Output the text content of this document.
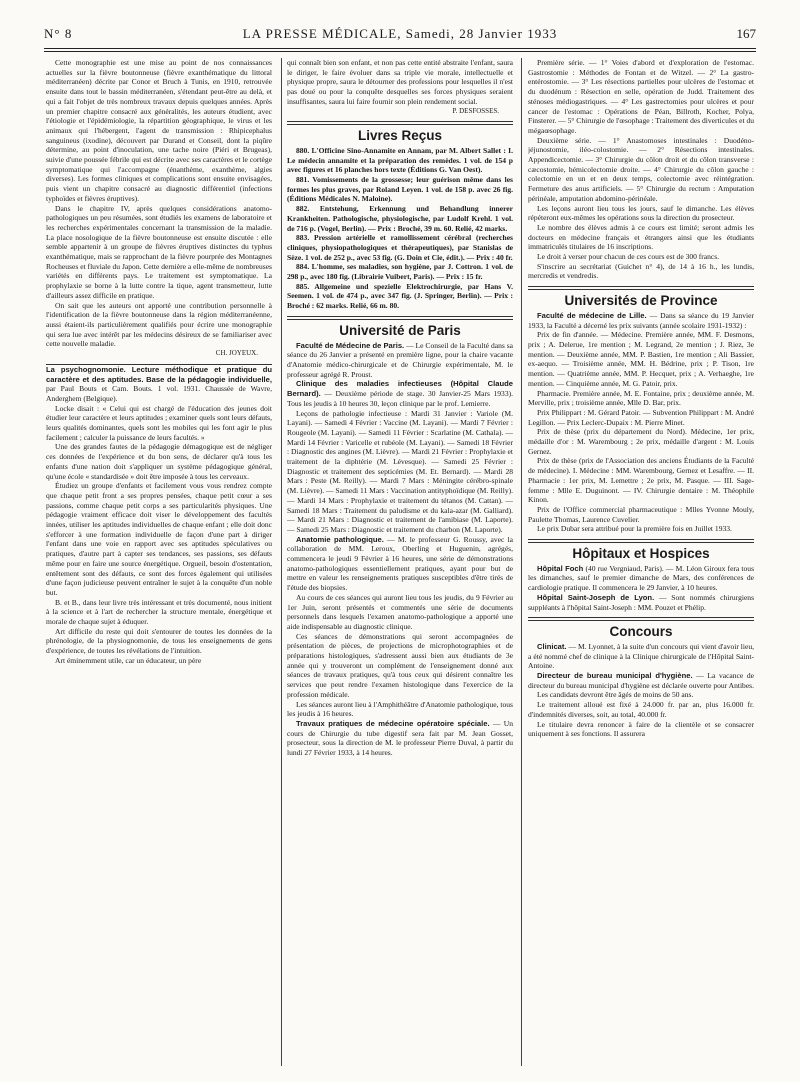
N° 8	LA PRESSE MÉDICALE, Samedi, 28 Janvier 1933	167

Cette monographie est une mise au point de nos connaissances actuelles sur la fièvre boutonneuse (fièvre exanthématique du littoral méditerranéen) décrite par Conor et Bruch à Tunis, en 1910, retrouvée ensuite dans tout le bassin méditerranéen, s'étendant peut-être au delà, et qui a fait l'objet de très nombreux travaux depuis quelques années. Après un premier chapitre consacré aux généralités, les auteurs étudient, avec l'étiologie et l'épidémiologie, la répartition géographique, le virus et les animaux qui l'hébergent, l'agent de transmission : Rhipicephalus sanguineus (ixodine), découvert par Durand et Conseil, dont la piqûre détermine, au point d'inoculation, une tache noire (Piéri et Brugeas), suivie d'une poussée fébrile qui est décrite avec ses caractères et le cortège symptomatique qui l'accompagne (énanthème, exanthème, algies diverses). Les formes cliniques et complications sont ensuite envisagées, puis vient un chapitre consacré au diagnostic différentiel (infections typhoïdes et fièvres éruptives).

Dans le chapitre IV, après quelques considérations anatomo-pathologiques un peu résumées, sont étudiés les examens de laboratoire et les recherches expérimentales concernant la transmission de la maladie. La place nosologique de la fièvre boutonneuse est ensuite discutée : elle semble appartenir à un groupe de fièvres éruptives distinctes du typhus exanthématique, mais se rapprochant de la fièvre pourprée des Montagnes Rocheuses et fluviale du Japon. Cette dernière a elle-même de nombreuses variétés en différents pays. Le traitement est symptomatique. La prophylaxie se borne à la lutte contre la tique, agent transmetteur, lutte d'ailleurs assez difficile en pratique.

On sait que les auteurs ont apporté une contribution personnelle à l'identification de la fièvre boutonneuse dans la région méditerranéenne, aussi étaient-ils particulièrement qualifiés pour écrire une monographie qui sera lue avec intérêt par les médecins désireux de se familiariser avec cette nouvelle maladie.

CH. JOYEUX.

La psychognomonie. Lecture méthodique et pratique du caractère et des aptitudes. Base de la pédagogie individuelle, par Paul Bouts et Cam. Bouts. 1 vol. 1931. Chaussée de Wavre, Anderghem (Belgique).

Locke disait : « Celui qui est chargé de l'éducation des jeunes doit étudier leur caractère et leurs aptitudes ; examiner quels sont leurs défauts, leurs qualités dominantes, quels sont les mobiles qui les font agir le plus facilement ; calculer la puissance de leurs facultés. »

Une des grandes fautes de la pédagogie démagogique est de négliger ces données de l'expérience et du bon sens, de déclarer qu'à tous les enfants d'une nation doit s'appliquer un système pédagogique général, qu'une école « standardisée » doit être imposée à tous les cerveaux.

Étudiez un groupe d'enfants et facilement vous vous rendrez compte que chaque petit front a ses propres pensées, chaque petit cœur a ses passions, comme chaque petit corps a ses particularités physiques. Une pédagogie vraiment efficace doit viser le développement des facultés innées, utiliser les aptitudes individuelles de chaque enfant ; elle doit donc s'efforcer à une formation individuelle de façon d'une part à diriger l'enfant dans une voie en rapport avec ses aptitudes spéculatives ou pratiques, d'autre part à capter ses tendances, ses passions, ses défauts même pour en faire une source énergétique. Orgueil, besoin d'ostentation, entêtement sont des défauts, ce sont des forces également qui utilisées d'une façon judicieuse peuvent entraîner le sujet à la conquête d'un noble but.

B. et B., dans leur livre très intéressant et très documenté, nous initient à la science et à l'art de rechercher la structure mentale, énergétique et morale de chaque sujet à éduquer.

Art difficile du reste qui doit s'entourer de toutes les données de la phrénologie, de la physiognomonie, de tous les enseignements de gens d'expérience, de toutes les révélations de l'intuition.

Art éminemment utile, car un éducateur, un père

qui connaît bien son enfant, et non pas cette entité abstraite l'enfant, saura le diriger, le faire évoluer dans sa triple vie morale, intellectuelle et physique propre, saura le détourner des professions pour lesquelles il n'est pas doué ou pour la conquête desquelles ses forces physiques seraient insuffisantes, saura lui faire fournir son plein rendement social.

P. DESFOSSES.
Livres Reçus

880. L'Officine Sino-Annamite en Annam, par M. Albert Sallet : I. Le médecin annamite et la préparation des remèdes. 1 vol. de 154 p avec figures et 16 planches hors texte (Éditions G. Van Oest).

881. Vomissements de la grossesse; leur guérison même dans les formes les plus graves, par Roland Leyen. 1 vol. de 158 p. avec 26 fig. (Éditions Médicales N. Maloine).

882. Entstehung, Erkennung und Behandlung innerer Krankheiten. Pathologische, physiologische, par Ludolf Krehl. 1 vol. de 716 p. (Vogel, Berlin). — Prix : Broché, 39 m. 60. Relié, 42 marks.

883. Pression artérielle et ramollissement cérébral (recherches cliniques, physiopathologiques et thérapeutiques), par Stanislas de Sèze. 1 vol. de 252 p., avec 53 fig. (G. Doin et Cie, édit.). — Prix : 40 fr.

884. L'homme, ses maladies, son hygiène, par J. Cottron. 1 vol. de 298 p., avec 180 fig. (Librairie Vuibert, Paris). — Prix : 15 fr.

885. Allgemeine und spezielle Elektrochirurgie, par Hans V. Seemen. 1 vol. de 474 p., avec 347 fig. (J. Springer, Berlin). — Prix : Broché : 62 marks. Relié, 66 m. 80.

Université de Paris

Faculté de Médecine de Paris. — Le Conseil de la Faculté dans sa séance du 26 Janvier a présenté en première ligne, pour la chaire vacante d'Anatomie médico-chirurgicale et de Chirurgie expérimentale, M. le professeur agrégé R. Proust.

Clinique des maladies infectieuses (Hôpital Claude Bernard). — Deuxième période de stage. 30 Janvier-25 Mars 1933). Tous les jeudis à 10 heures 30, leçon clinique par le prof. Lemierre.

Leçons de pathologie infectieuse : Mardi 31 Janvier : Variole (M. Layani). — Samedi 4 Février : Vaccine (M. Layani). — Mardi 7 Février : Rougeole (M. Layani). — Samedi 11 Février : Scarlatine (M. Cathala). — Mardi 14 Février : Varicelle et rubéole (M. Layani). — Samedi 18 Février : Diagnostic des angines (M. Lièvre). — Mardi 21 Février : Prophylaxie et traitement de la diphtérie (M. Lévesque). — Samedi 25 Février : Diagnostic et traitement des septicémies (M. Et. Bernard). — Mardi 28 Mars : Peste (M. Reilly). — Mardi 7 Mars : Méningite cérébro-spinale (M. Lièvre). — Samedi 11 Mars : Vaccination antityphoïdique (M. Reilly). — Mardi 14 Mars : Prophylaxie et traitement du tétanos (M. Cattan). — Samedi 18 Mars : Traitement du paludisme et du kala-azar (M. Galliard). — Mardi 21 Mars : Diagnostic et traitement de l'amibiase (M. Laporte). — Samedi 25 Mars : Diagnostic et traitement du charbon (M. Laporte).

Anatomie pathologique. — M. le professeur G. Roussy, avec la collaboration de MM. Leroux, Oberling et Huguenin, agrégés, commencera le jeudi 9 Février à 16 heures, une série de démonstrations anatomo-pathologiques essentiellement pratiques, ayant pour but de mettre en valeur les renseignements pratiques susceptibles d'être tirés de l'étude des biopsies.

Au cours de ces séances qui auront lieu tous les jeudis, du 9 Février au 1er Juin, seront présentés et commentés une série de documents personnels dans lesquels l'examen anatomo-pathologique a apporté une aide indispensable au diagnostic clinique.

Ces séances de démonstrations qui seront accompagnées de présentation de pièces, de projections de microphotographies et de préparations histologiques, s'adressent aussi bien aux étudiants de 3e année qui y trouveront un complément de l'enseignement donné aux séances de travaux pratiques, qu'à tous ceux qui désirent connaître les services que peut rendre l'examen histologique dans l'exercice de la profession médicale.

Les séances auront lieu à l'Amphithéâtre d'Anatomie pathologique, tous les jeudis à 16 heures.

Travaux pratiques de médecine opératoire spéciale. — Un cours de Chirurgie du tube digestif sera fait par M. Jean Gosset, prosecteur, sous la direction de M. le professeur Pierre Duval, à partir du lundi 27 Février 1933, à 14 heures.

Première série. — 1° Voies d'abord et d'exploration de l'estomac. Gastrostomie : Méthodes de Fontan et de Witzel. — 2° La gastro-entérostomie. — 3° Les résections partielles pour ulcères de l'estomac et du duodénum : Résection en selle, opération de Judd. Traitement des sténoses médiogastriques. — 4° Les gastrectomies pour ulcères et pour cancer de l'estomac : Opérations de Péan, Billroth, Kocher, Polya, Finsterer. — 5° Chirurgie de l'œsophage : Traitement des diverticules et du mégaœsophage.

Deuxième série. — 1° Anastomoses intestinales : Duodéno-jéjunostomie, iléo-colostomie. — 2° Résections intestinales. Appendicectomie. — 3° Chirurgie du côlon droit et du côlon transverse : cæcostomie, hémicolectomie droite. — 4° Chirurgie du côlon gauche : colectomie en un et en deux temps, colectomie avec réintégration. Fermeture des anus artificiels. — 5° Chirurgie du rectum : Amputation périnéale, amputation abdomino-périnéale.

Les leçons auront lieu tous les jours, sauf le dimanche. Les élèves répéteront eux-mêmes les opérations sous la direction du prosecteur.

Le nombre des élèves admis à ce cours est limité; seront admis les docteurs en médecine français et étrangers ainsi que les étudiants immatriculés titulaires de 16 inscriptions.

Le droit à verser pour chacun de ces cours est de 300 francs.

S'inscrire au secrétariat (Guichet n° 4), de 14 à 16 h., les lundis, mercredis et vendredis.

Universités de Province

Faculté de médecine de Lille. — Dans sa séance du 19 Janvier 1933, la Faculté a décerné les prix suivants (année scolaire 1931-1932) :

Prix de fin d'année. — Médecine. Première année, MM. F. Desmons, prix ; A. Delerue, 1re mention ; M. Legrand, 2e mention ; J. Riez, 3e mention. — Deuxième année, MM. P. Bastien, 1re mention ; Ali Bassier, ex-aequo. — Troisième année, MM. H. Bédrine, prix ; P. Tison, 1re mention. — Quatrième année, MM. P. Hecquet, prix ; A. Verhaeghe, 1re mention. — Cinquième année, M. G. Patoir, prix.

Pharmacie. Première année, M. E. Fontaine, prix ; deuxième année, M. Merville, prix ; troisième année, Mlle D. Bar, prix.

Prix Philippart : M. Gérard Patoir. — Subvention Philippart : M. André Legillon. — Prix Leclerc-Dupaix : M. Pierre Minet.

Prix de thèse (prix du département du Nord). Médecine, 1er prix, médaille d'or : M. Warembourg ; 2e prix, médaille d'argent : M. Louis Gernez.

Prix de thèse (prix de l'Association des anciens Étudiants de la Faculté de médecine). I. Médecine : MM. Warembourg, Gernez et Lesaffre. — II. Pharmacie : 1er prix, M. Lemettre ; 2e prix, M. Pasque. — III. Sage-femme : Mlle E. Duguinont. — IV. Chirurgie dentaire : M. Théophile Kinon.

Prix de l'Office commercial pharmaceutique : Mlles Yvonne Mouly, Paulette Thomas, Laurence Cuvelier.

Le prix Dubar sera attribué pour la première fois en Juillet 1933.

Hôpitaux et Hospices

Hôpital Foch (40 rue Vergniaud, Paris). — M. Léon Giroux fera tous les dimanches, sauf le premier dimanche de Mars, des conférences de cardiologie pratique. Il commencera le 29 Janvier, à 10 heures.

Hôpital Saint-Joseph de Lyon. — Sont nommés chirurgiens suppléants à l'hôpital Saint-Joseph : MM. Pouzet et Phélip.

Concours

Clinicat. — M. Lyonnet, à la suite d'un concours qui vient d'avoir lieu, a été nommé chef de clinique à la Clinique chirurgicale de l'Hôpital Saint-Antoine.

Directeur de bureau municipal d'hygiène. — La vacance de directeur du bureau municipal d'hygiène est déclarée ouverte pour Antibes.

Les candidats devront être âgés de moins de 50 ans.

Le traitement alloué est fixé à 24.000 fr. par an, plus 16.000 fr. d'indemnités diverses, soit, au total, 40.000 fr.

Le titulaire devra renoncer à faire de la clientèle et se consacrer uniquement à ses fonctions. Il assurera
